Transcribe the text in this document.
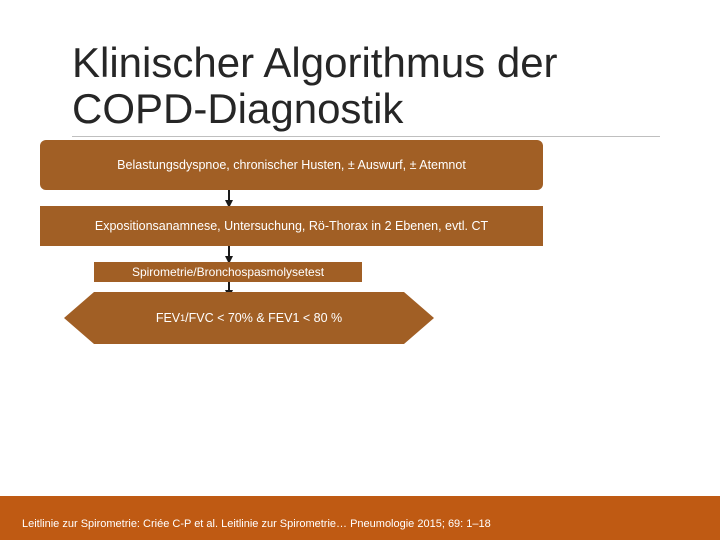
Klinischer Algorithmus der
COPD-Diagnostik
Belastungsdyspnoe, chronischer Husten, ± Auswurf, ± Atemnot
Expositionsanamnese, Untersuchung, Rö-Thorax in 2 Ebenen, evtl. CT
Spirometrie/Bronchospasmolysetest
FEV 1 /FVC < 70% & FEV1 < 80 %
Leitlinie zur Spirometrie: Criée C-P et al. Leitlinie zur Spirometrie… Pneumologie 2015; 69: 1–18
